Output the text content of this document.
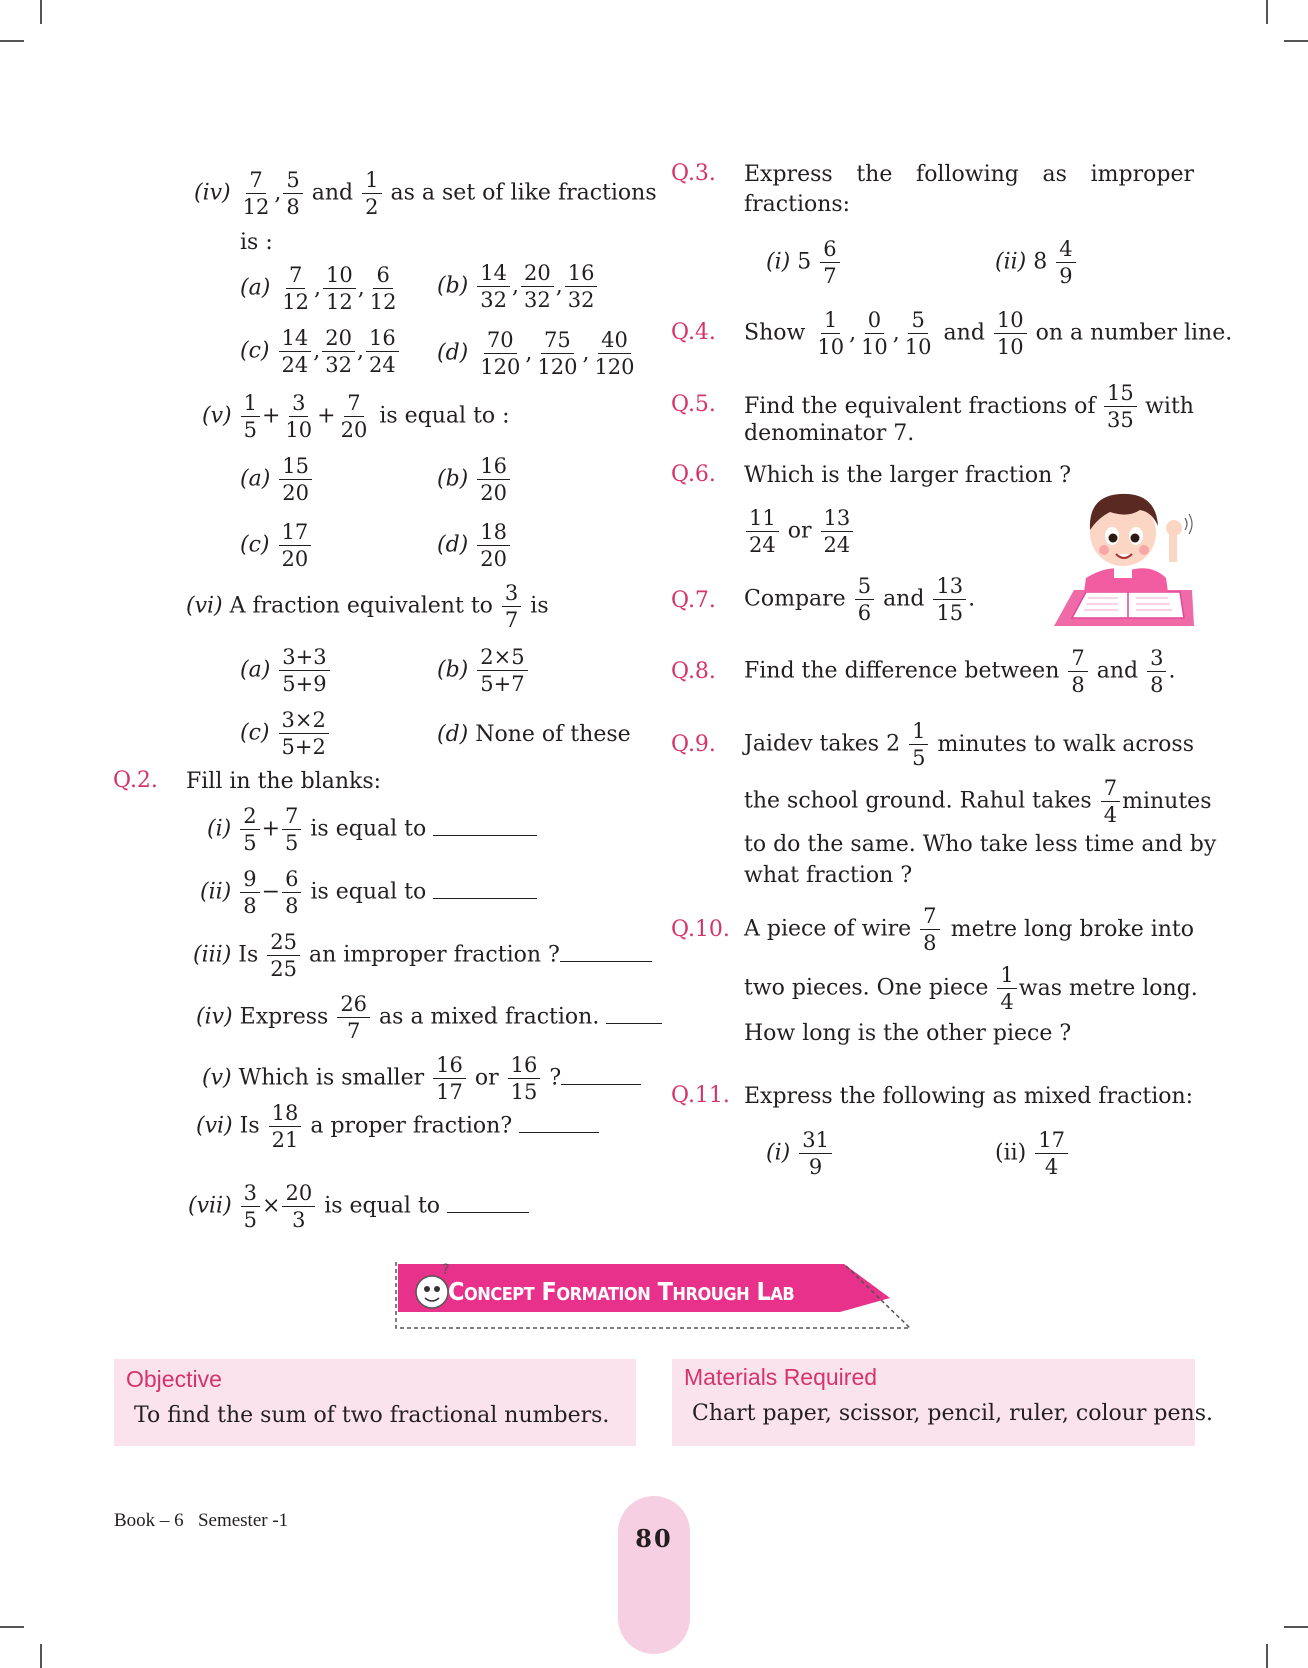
$(iv) \frac{7}{12}$ , $\frac{5}{8}$ and $\frac{1}{2}$ as a set of like fractions
is :
$(a) \frac{7}{12}$ , $\frac{10}{12}$ , $\frac{6}{12} (b) \frac{14}{32}$ , $\frac{20}{32}$ , $\frac{16}{32}$
$(c) \frac{14}{24}$ , $\frac{20}{32}$ , $\frac{16}{24} (d) \frac{70}{120}$ , $\frac{75}{120}$ , $\frac{40}{120}$
$(v) \frac{1}{5} + \frac{3}{10} + \frac{7}{20}$ is equal to :
$(a) \frac{15}{20}$	$(b) \frac{16}{20}$
$(c) \frac{17}{20}$	$(d) \frac{18}{20}$
(vi) A fraction equivalent to $\frac{3}{7}$ is
$(a) \frac{3+3}{5+9}$	$(b) \frac{2\times 5}{5+7}$
$(c) \frac{3\times 2}{5+2}$	(d) None of these
Q.2. Fill in the blanks:
$(i) \frac{2}{5} + \frac{7}{5}$ is equal to
$(ii) \frac{9}{8} - \frac{6}{8}$ is equal to
(iii) Is $\frac{25}{25}$ an improper fraction ?
(iv) Express $\frac{26}{7}$ as a mixed fraction.
(v) Which is smaller $\frac{16}{17}$ or $\frac{16}{15}$ ?
(vi) Is $\frac{18}{21}$ a proper fraction?
$(vii) \frac{3}{5} \times \frac{20}{3}$ is equal to
Q.3. Express the following as improper fractions:
(i) $5 \frac{6}{7}$	(ii) $8 \frac{4}{9}$
Q.4. Show $\frac{1}{10}$ , $\frac{0}{10}$ , $\frac{5}{10}$ and $\frac{10}{10}$ on a number line.
Q.5. Find the equivalent fractions of $\frac{15}{35}$ with
denominator 7.
Q.6. Which is the larger fraction ?
$\frac{11}{24}$ or $\frac{13}{24}$
Q.7. Compare $\frac{5}{6}$ and $\frac{13}{15}$ .
Q.8. Find the difference between $\frac{7}{8}$ and $\frac{3}{8}$ .
Q.9. Jaidev takes $2 \frac{1}{5}$ minutes to walk across
the school ground. Rahul takes $\frac{7}{4}$ minutes
to do the same. Who take less time and by
what fraction ?
Q.10. A piece of wire $\frac{7}{8}$ metre long broke into
two pieces. One piece $\frac{1}{4}$ was metre long.
How long is the other piece ?
Q.11. Express the following as mixed fraction:
$(i) \frac{31}{9}$	$(ii) \frac{17}{4}$
?
Concept Formation Through Lab
Objective
To find the sum of two fractional numbers.
Materials Required
Chart paper, scissor, pencil, ruler, colour pens.
Book – 6 Semester -1
80
